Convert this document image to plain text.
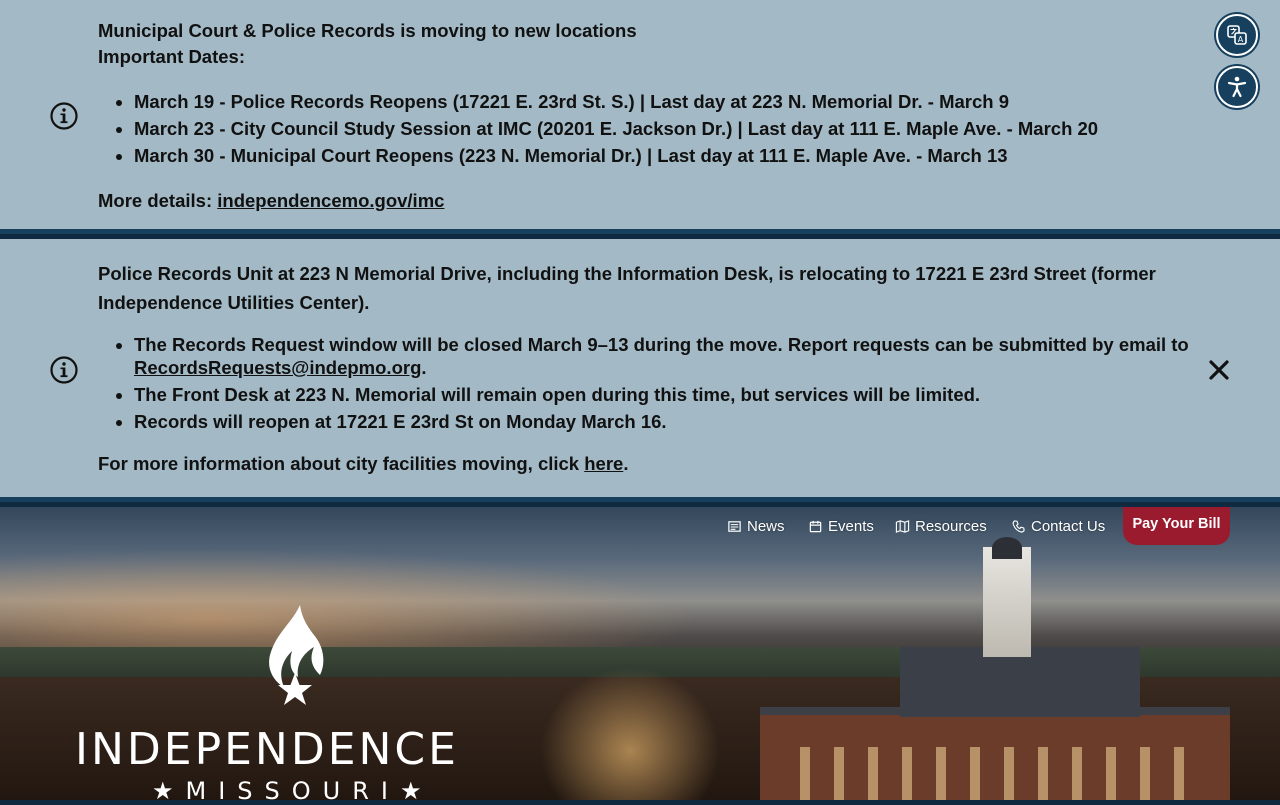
Municipal Court & Police Records is moving to new locations
Important Dates:
• March 19 - Police Records Reopens (17221 E. 23rd St. S.) | Last day at 223 N. Memorial Dr. - March 9
• March 23 - City Council Study Session at IMC (20201 E. Jackson Dr.) | Last day at 111 E. Maple Ave. - March 20
• March 30 - Municipal Court Reopens (223 N. Memorial Dr.) | Last day at 111 E. Maple Ave. - March 13
More details: independencemo.gov/imc
Police Records Unit at 223 N Memorial Drive, including the Information Desk, is relocating to 17221 E 23rd Street (former Independence Utilities Center).
• The Records Request window will be closed March 9–13 during the move. Report requests can be submitted by email to RecordsRequests@indepmo.org.
• The Front Desk at 223 N. Memorial will remain open during this time, but services will be limited.
• Records will reopen at 17221 E 23rd St on Monday March 16.
For more information about city facilities moving, click here.
A
News	Events	Resources	Contact Us	Pay Your Bill
INDEPENDENCE
★MISSOURI★
